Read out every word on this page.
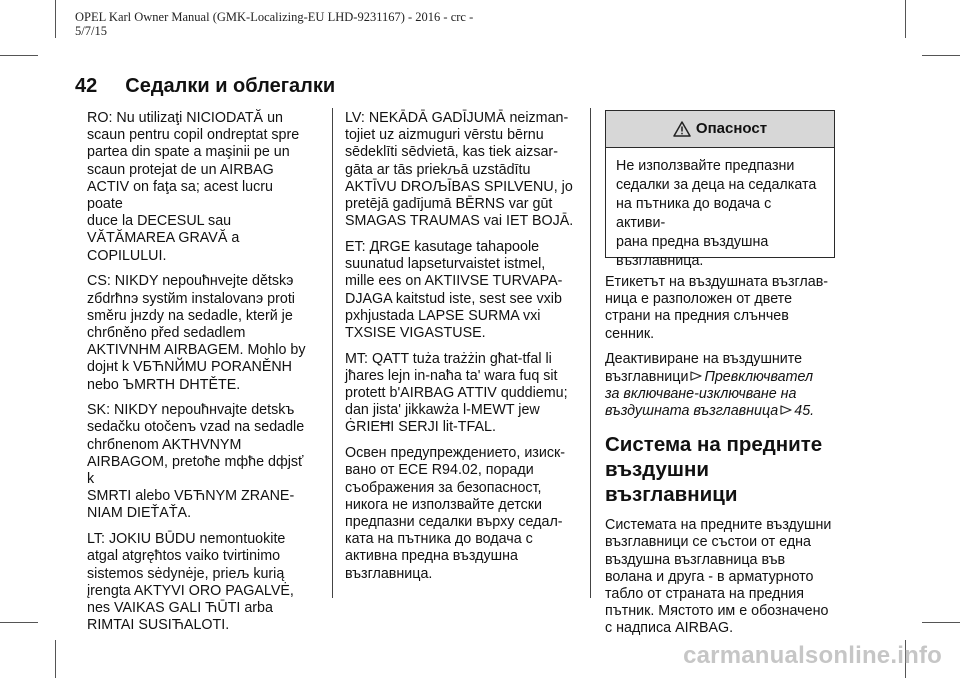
OPEL Karl Owner Manual (GMK-Localizing-EU LHD-9231167) - 2016 - crc -
5/7/15
42 Седалки и облегалки

RO: Nu utilizaţi NICIODATĂ un
scaun pentru copil ondreptat spre
partea din spate a maşinii pe un
scaun protejat de un AIRBAG
ACTIV on faţa sa; acest lucru poate
duce la DECESUL sau
VĂTĂMAREA GRAVĂ a
COPILULUI.

CS: NIKDY nepouћнvejte dětskэ
zбdrћnэ systйm instalovanэ proti
směru jнzdy na sedadle, kterй je
chrбněno před sedadlem
AKTIVNHM AIRBAGEM. Mohlo by
dojнt k VБЋNЙMU PORANĚNH
nebo ЪMRTH DHTĚTE.

SK: NIKDY nepouћнvajte detskъ
sedačku otočenъ vzad na sedadle
chrбnenom AKTHVNYM
AIRBAGOM, pretoћe mфћe dфjsť k
SMRTI alebo VБЋNYM ZRANE-
NIAM DIEŤAŤA.

LT: JOKIU BŪDU nemontuokite
atgal atgręћtos vaiko tvirtinimo
sistemos sėdynėje, prieљ kurią
įrengta AKTYVI ORO PAGALVĖ,
nes VAIKAS GALI ЋŪTI arba
RIMTAI SUSIЋALOTI.

LV: NEKĀDĀ GADĪJUMĀ neizman-
tojiet uz aizmuguri vērstu bērnu
sēdeklīti sēdvietā, kas tiek aizsar-
gāta ar tās priekљā uzstādītu
AKTĪVU DROЉĪBAS SPILVENU, jo
pretējā gadījumā BĒRNS var gūt
SMAGAS TRAUMAS vai IET BOJĀ.

ET: ДRGE kasutage tahapoole
suunatud lapseturvaistet istmel,
mille ees on AKTIIVSE TURVAPA-
DJAGA kaitstud iste, sest see vxib
pxhjustada LAPSE SURMA vxi
TXSISE VIGASTUSE.

MT: QATT tuża trażżin għat-tfal li
jħares lejn in-naħa ta' wara fuq sit
protett b'AIRBAG ATTIV quddiemu;
dan jista' jikkawża l-MEWT jew
ĠRIEĦI SERJI lit-TFAL.

Освен предупреждението, изиск-
вано от ECE R94.02, поради
съображения за безопасност,
никога не използвайте детски
предпазни седалки върху седал-
ката на пътника до водача с
активна предна въздушна
възглавница.

Опасност
Не използвайте предпазни
седалки за деца на седалката
на пътника до водача с активи-
рана предна въздушна
възглавница.

Етикетът на въздушната възглав-
ница е разположен от двете
страни на предния слънчев
сенник.

Деактивиране на въздушните
възглавници Превключвател
за включване-изключване на
въздушната възглавница 45.

Система на предните
въздушни възглавници

Системата на предните въздушни
възглавници се състои от една
въздушна възглавница във
волана и друга - в арматурното
табло от страната на предния
пътник. Мястото им е обозначено
с надписа AIRBAG.

carmanualsonline.info
